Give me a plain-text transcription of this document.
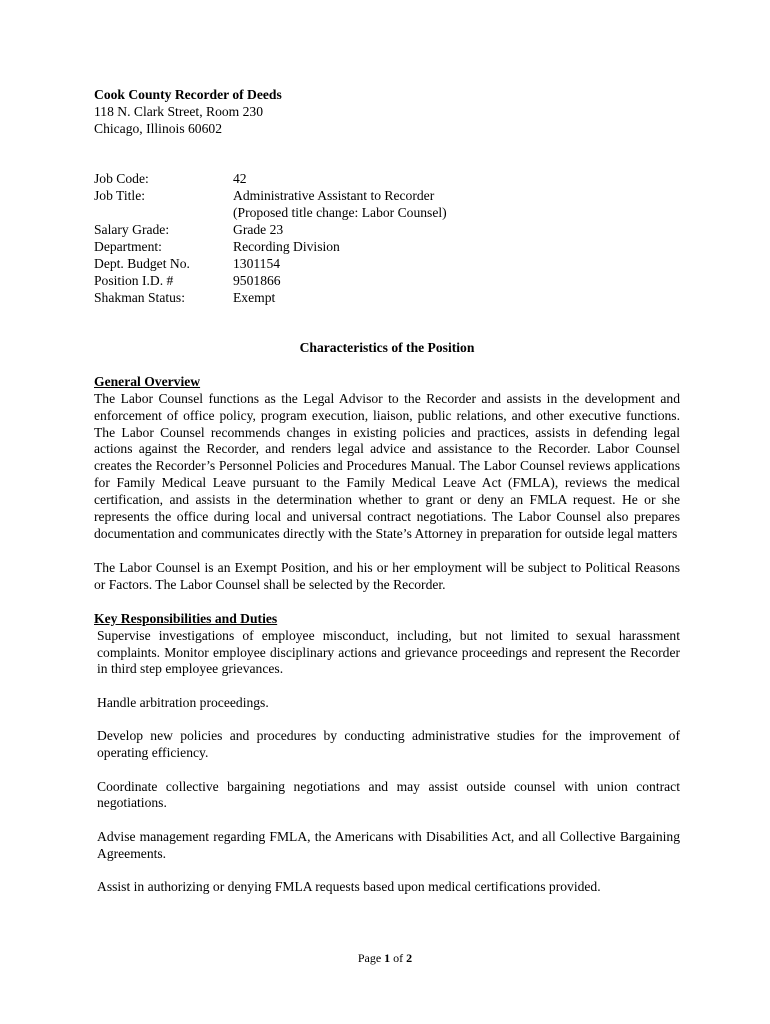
Cook County Recorder of Deeds
118 N. Clark Street, Room 230
Chicago, Illinois 60602
Job Code:	42
Job Title:	Administrative Assistant to Recorder
	(Proposed title change: Labor Counsel)
Salary Grade:	Grade 23
Department:	Recording Division
Dept. Budget No.	1301154
Position I.D. #	9501866
Shakman Status:	Exempt
Characteristics of the Position
General Overview

The Labor Counsel functions as the Legal Advisor to the Recorder and assists in the development and enforcement of office policy, program execution, liaison, public relations, and other executive functions. The Labor Counsel recommends changes in existing policies and practices, assists in defending legal actions against the Recorder, and renders legal advice and assistance to the Recorder. Labor Counsel creates the Recorder’s Personnel Policies and Procedures Manual. The Labor Counsel reviews applications for Family Medical Leave pursuant to the Family Medical Leave Act (FMLA), reviews the medical certification, and assists in the determination whether to grant or deny an FMLA request. He or she represents the office during local and universal contract negotiations. The Labor Counsel also prepares documentation and communicates directly with the State’s Attorney in preparation for outside legal matters

The Labor Counsel is an Exempt Position, and his or her employment will be subject to Political Reasons or Factors. The Labor Counsel shall be selected by the Recorder.

Key Responsibilities and Duties

Supervise investigations of employee misconduct, including, but not limited to sexual harassment complaints. Monitor employee disciplinary actions and grievance proceedings and represent the Recorder in third step employee grievances.

Handle arbitration proceedings.

Develop new policies and procedures by conducting administrative studies for the improvement of operating efficiency.

Coordinate collective bargaining negotiations and may assist outside counsel with union contract negotiations.

Advise management regarding FMLA, the Americans with Disabilities Act, and all Collective Bargaining Agreements.

Assist in authorizing or denying FMLA requests based upon medical certifications provided.

Page 1 of 2
